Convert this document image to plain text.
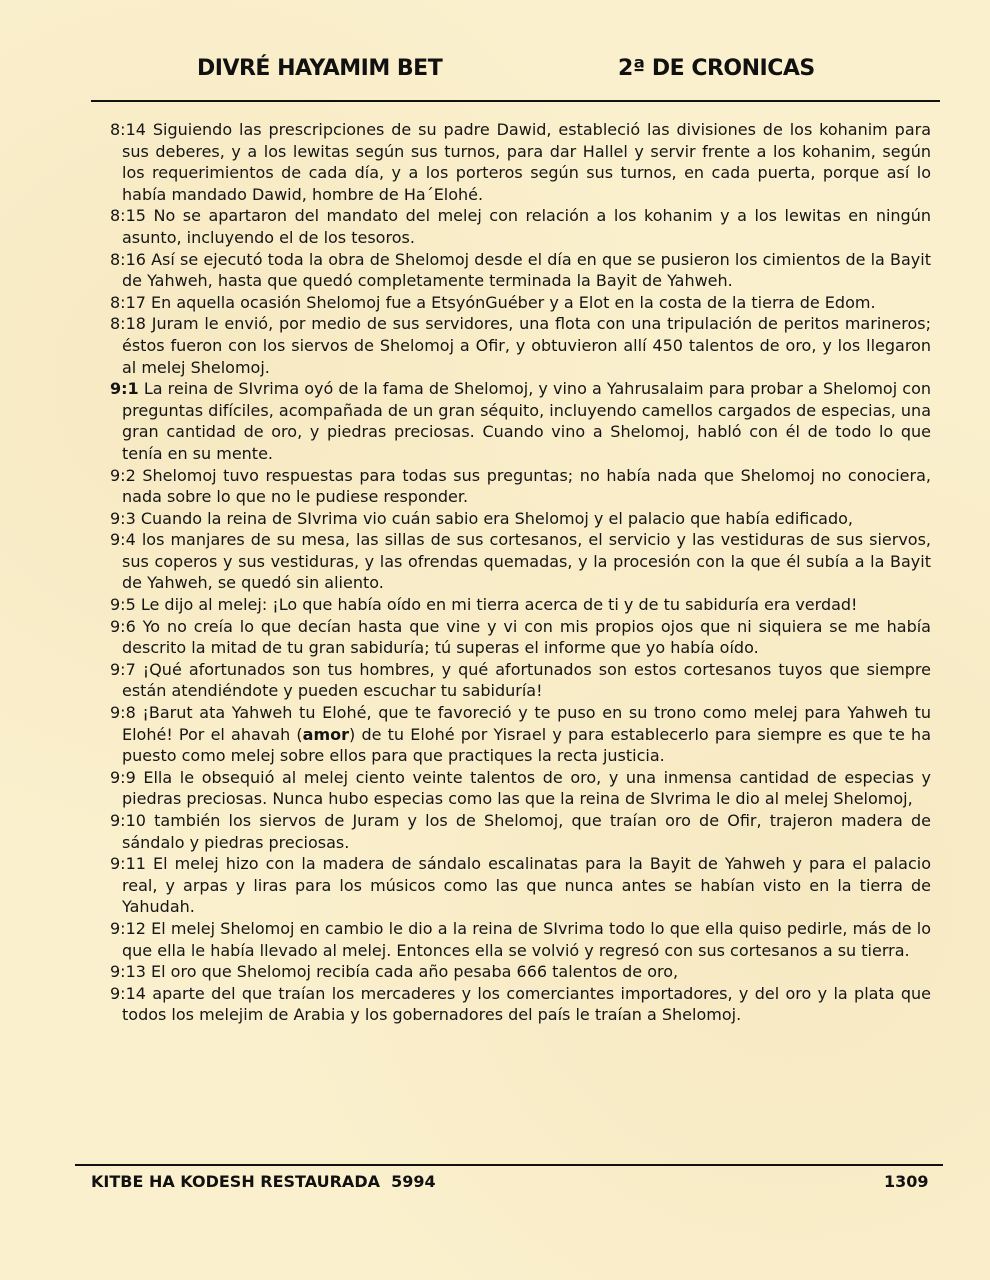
DIVRÉ HAYAMIM BET	2ª DE CRONICAS

8:14 Siguiendo las prescripciones de su padre Dawid, estableció las divisiones de los kohanim para sus deberes, y a los lewitas según sus turnos, para dar Hallel y servir frente a los kohanim, según los requerimientos de cada día, y a los porteros según sus turnos, en cada puerta, porque así lo había mandado Dawid, hombre de Ha´Elohé.

8:15 No se apartaron del mandato del melej con relación a los kohanim y a los lewitas en ningún asunto, incluyendo el de los tesoros.

8:16 Así se ejecutó toda la obra de Shelomoj desde el día en que se pusieron los cimientos de la Bayit de Yahweh, hasta que quedó completamente terminada la Bayit de Yahweh.

8:17 En aquella ocasión Shelomoj fue a EtsyónGuéber y a Elot en la costa de la tierra de Edom.

8:18 Juram le envió, por medio de sus servidores, una flota con una tripulación de peritos marineros; éstos fueron con los siervos de Shelomoj a Ofir, y obtuvieron allí 450 talentos de oro, y los llegaron al melej Shelomoj.

9:1 La reina de SIvrima oyó de la fama de Shelomoj, y vino a Yahrusalaim para probar a Shelomoj con preguntas difíciles, acompañada de un gran séquito, incluyendo camellos cargados de especias, una gran cantidad de oro, y piedras preciosas. Cuando vino a Shelomoj, habló con él de todo lo que tenía en su mente.

9:2 Shelomoj tuvo respuestas para todas sus preguntas; no había nada que Shelomoj no conociera, nada sobre lo que no le pudiese responder.

9:3 Cuando la reina de SIvrima vio cuán sabio era Shelomoj y el palacio que había edificado,

9:4 los manjares de su mesa, las sillas de sus cortesanos, el servicio y las vestiduras de sus siervos, sus coperos y sus vestiduras, y las ofrendas quemadas, y la procesión con la que él subía a la Bayit de Yahweh, se quedó sin aliento.

9:5 Le dijo al melej: ¡Lo que había oído en mi tierra acerca de ti y de tu sabiduría era verdad!

9:6 Yo no creía lo que decían hasta que vine y vi con mis propios ojos que ni siquiera se me había descrito la mitad de tu gran sabiduría; tú superas el informe que yo había oído.

9:7 ¡Qué afortunados son tus hombres, y qué afortunados son estos cortesanos tuyos que siempre están atendiéndote y pueden escuchar tu sabiduría!

9:8 ¡Barut ata Yahweh tu Elohé, que te favoreció y te puso en su trono como melej para Yahweh tu Elohé! Por el ahavah (amor) de tu Elohé por Yisrael y para establecerlo para siempre es que te ha puesto como melej sobre ellos para que practiques la recta justicia.

9:9 Ella le obsequió al melej ciento veinte talentos de oro, y una inmensa cantidad de especias y piedras preciosas. Nunca hubo especias como las que la reina de SIvrima le dio al melej Shelomoj,

9:10 también los siervos de Juram y los de Shelomoj, que traían oro de Ofir, trajeron madera de sándalo y piedras preciosas.

9:11 El melej hizo con la madera de sándalo escalinatas para la Bayit de Yahweh y para el palacio real, y arpas y liras para los músicos como las que nunca antes se habían visto en la tierra de Yahudah.

9:12 El melej Shelomoj en cambio le dio a la reina de SIvrima todo lo que ella quiso pedirle, más de lo que ella le había llevado al melej. Entonces ella se volvió y regresó con sus cortesanos a su tierra.

9:13 El oro que Shelomoj recibía cada año pesaba 666 talentos de oro,

9:14 aparte del que traían los mercaderes y los comerciantes importadores, y del oro y la plata que todos los melejim de Arabia y los gobernadores del país le traían a Shelomoj.

KITBE HA KODESH RESTAURADA  5994	1309
